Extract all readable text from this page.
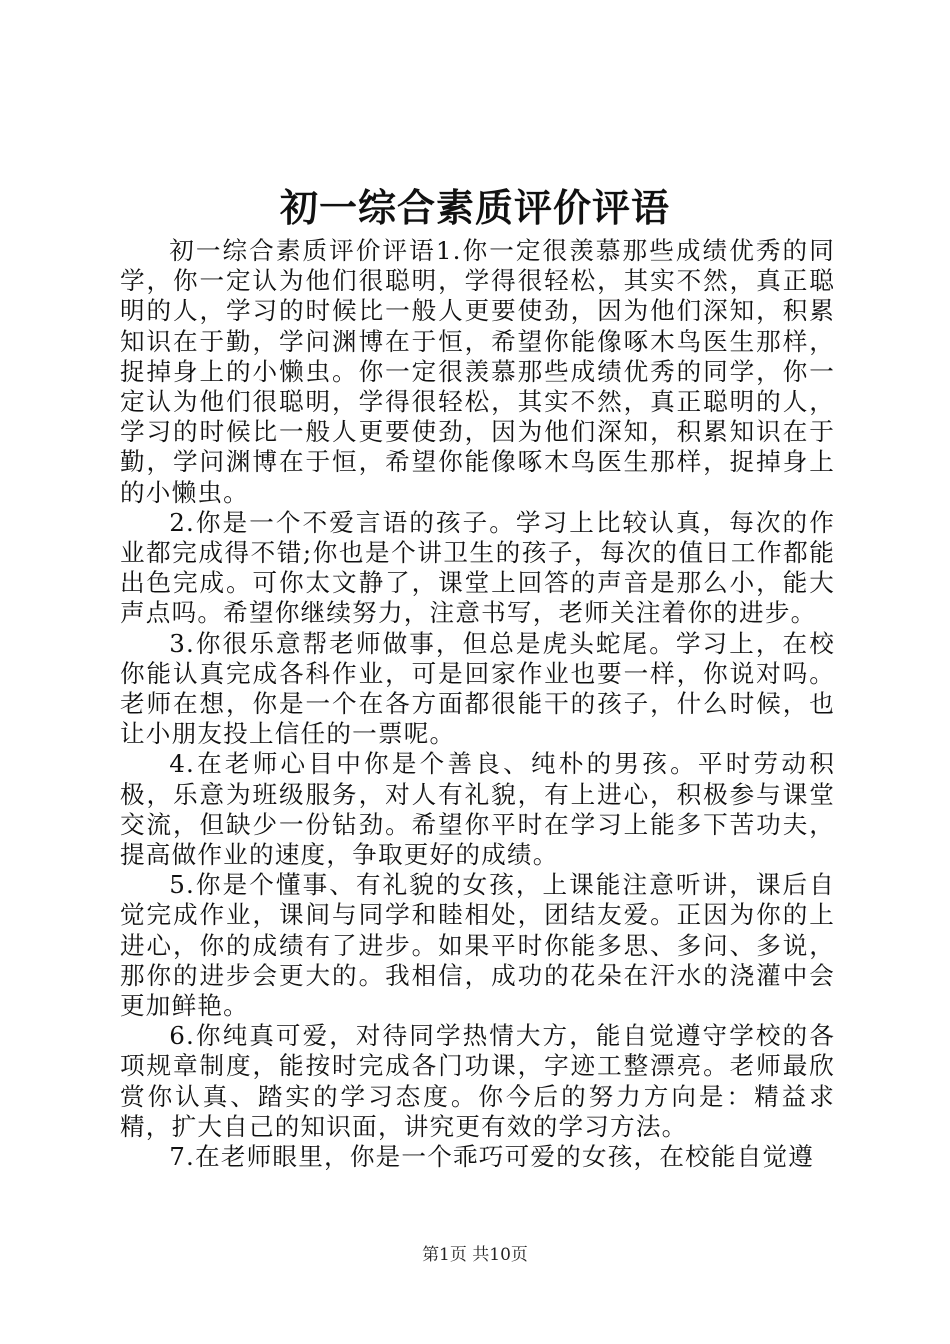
初一综合素质评价评语

初一综合素质评价评语1.你一定很羡慕那些成绩优秀的同学，你一定认为他们很聪明，学得很轻松，其实不然，真正聪明的人，学习的时候比一般人更要使劲，因为他们深知，积累知识在于勤，学问渊博在于恒，希望你能像啄木鸟医生那样，捉掉身上的小懒虫。你一定很羡慕那些成绩优秀的同学，你一定认为他们很聪明，学得很轻松，其实不然，真正聪明的人，学习的时候比一般人更要使劲，因为他们深知，积累知识在于勤，学问渊博在于恒，希望你能像啄木鸟医生那样，捉掉身上的小懒虫。

2.你是一个不爱言语的孩子。学习上比较认真，每次的作业都完成得不错;你也是个讲卫生的孩子，每次的值日工作都能出色完成。可你太文静了，课堂上回答的声音是那么小，能大声点吗。希望你继续努力，注意书写，老师关注着你的进步。

3.你很乐意帮老师做事，但总是虎头蛇尾。学习上，在校你能认真完成各科作业，可是回家作业也要一样，你说对吗。老师在想，你是一个在各方面都很能干的孩子，什么时候，也让小朋友投上信任的一票呢。

4.在老师心目中你是个善良、纯朴的男孩。平时劳动积极，乐意为班级服务，对人有礼貌，有上进心，积极参与课堂交流，但缺少一份钻劲。希望你平时在学习上能多下苦功夫，提高做作业的速度，争取更好的成绩。

5.你是个懂事、有礼貌的女孩，上课能注意听讲，课后自觉完成作业，课间与同学和睦相处，团结友爱。正因为你的上进心，你的成绩有了进步。如果平时你能多思、多问、多说，那你的进步会更大的。我相信，成功的花朵在汗水的浇灌中会更加鲜艳。

6.你纯真可爱，对待同学热情大方，能自觉遵守学校的各项规章制度，能按时完成各门功课，字迹工整漂亮。老师最欣赏你认真、踏实的学习态度。你今后的努力方向是：精益求精，扩大自己的知识面，讲究更有效的学习方法。

7.在老师眼里，你是一个乖巧可爱的女孩，在校能自觉遵

第1页 共10页
